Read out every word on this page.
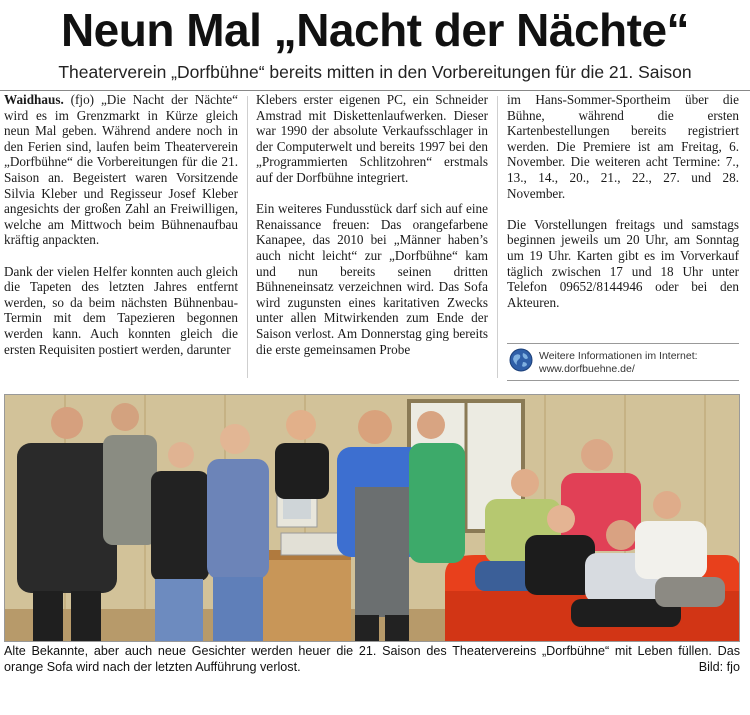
Neun Mal „Nacht der Nächte“
Theaterverein „Dorfbühne“ bereits mitten in den Vorbereitungen für die 21. Saison

Waidhaus. (fjo) „Die Nacht der Nächte“ wird es im Grenzmarkt in Kürze gleich neun Mal geben. Während andere noch in den Ferien sind, laufen beim Theaterverein „Dorfbühne“ die Vorbereitungen für die 21. Saison an. Begeistert waren Vorsitzende Silvia Kleber und Regisseur Josef Kleber angesichts der großen Zahl an Freiwilligen, welche am Mittwoch beim Bühnenaufbau kräftig anpackten.

Dank der vielen Helfer konnten auch gleich die Tapeten des letzten Jahres entfernt werden, so da beim nächsten Bühnenbau-Termin mit dem Tapezieren begonnen werden kann. Auch konnten gleich die ersten Requisiten postiert werden, darunter

Klebers erster eigenen PC, ein Schneider Amstrad mit Diskettenlaufwerken. Dieser war 1990 der absolute Verkaufsschlager in der Computerwelt und bereits 1997 bei den „Programmierten Schlitzohren“ erstmals auf der Dorfbühne integriert.

Ein weiteres Fundusstück darf sich auf eine Renaissance freuen: Das orangefarbene Kanapee, das 2010 bei „Männer haben’s auch nicht leicht“ zur „Dorfbühne“ kam und nun bereits seinen dritten Bühneneinsatz verzeichnen wird. Das Sofa wird zugunsten eines karitativen Zwecks unter allen Mitwirkenden zum Ende der Saison verlost. Am Donnerstag ging bereits die erste gemeinsamen Probe

im Hans-Sommer-Sportheim über die Bühne, während die ersten Kartenbestellungen bereits registriert werden. Die Premiere ist am Freitag, 6. November. Die weiteren acht Termine: 7., 13., 14., 20., 21., 22., 27. und 28. November.

Die Vorstellungen freitags und samstags beginnen jeweils um 20 Uhr, am Sonntag um 19 Uhr. Karten gibt es im Vorverkauf täglich zwischen 17 und 18 Uhr unter Telefon 09652/8144946 oder bei den Akteuren.

Weitere Informationen im Internet:
www.dorfbuehne.de/
Alte Bekannte, aber auch neue Gesichter werden heuer die 21. Saison des Theatervereins „Dorfbühne“ mit Leben füllen. Das orange Sofa wird nach der letzten Aufführung verlost.	Bild: fjo
